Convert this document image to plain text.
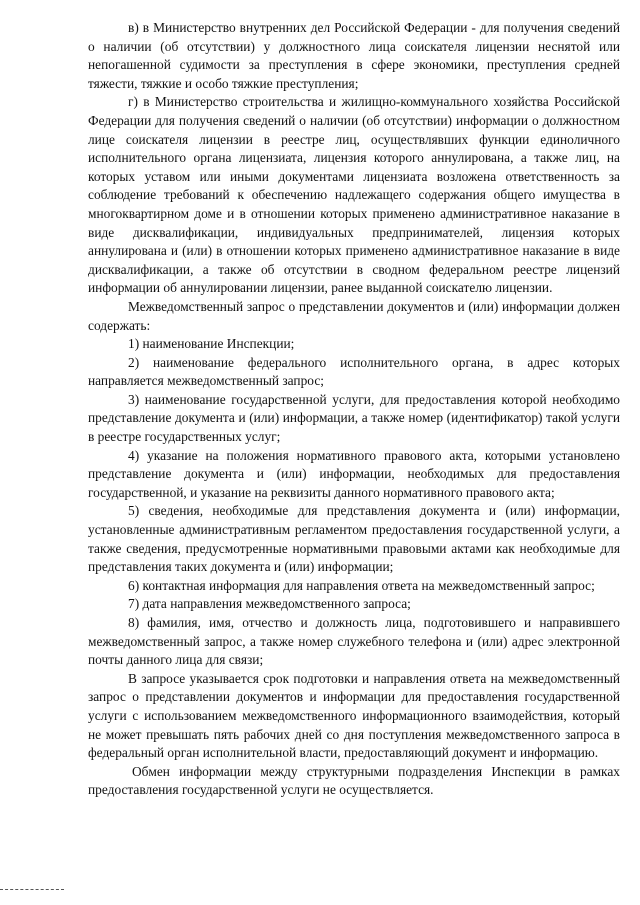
в) в Министерство внутренних дел Российской Федерации - для получения сведений о наличии (об отсутствии) у должностного лица соискателя лицензии неснятой или непогашенной судимости за преступления в сфере экономики, преступления средней тяжести, тяжкие и особо тяжкие преступления;

г) в Министерство строительства и жилищно-коммунального хозяйства Российской Федерации для получения сведений о наличии (об отсутствии) информации о должностном лице соискателя лицензии в реестре лиц, осуществлявших функции единоличного исполнительного органа лицензиата, лицензия которого аннулирована, а также лиц, на которых уставом или иными документами лицензиата возложена ответственность за соблюдение требований к обеспечению надлежащего содержания общего имущества в многоквартирном доме и в отношении которых применено административное наказание в виде дисквалификации, индивидуальных предпринимателей, лицензия которых аннулирована и (или) в отношении которых применено административное наказание в виде дисквалификации, а также об отсутствии в сводном федеральном реестре лицензий информации об аннулировании лицензии, ранее выданной соискателю лицензии.

Межведомственный запрос о представлении документов и (или) информации должен содержать:

1) наименование Инспекции;

2) наименование федерального исполнительного органа, в адрес которых направляется межведомственный запрос;

3) наименование государственной услуги, для предоставления которой необходимо представление документа и (или) информации, а также номер (идентификатор) такой услуги в реестре государственных услуг;

4) указание на положения нормативного правового акта, которыми установлено представление документа и (или) информации, необходимых для предоставления государственной, и указание на реквизиты данного нормативного правового акта;

5) сведения, необходимые для представления документа и (или) информации, установленные административным регламентом предоставления государственной услуги, а также сведения, предусмотренные нормативными правовыми актами как необходимые для представления таких документа и (или) информации;

6) контактная информация для направления ответа на межведомственный запрос;

7) дата направления межведомственного запроса;

8) фамилия, имя, отчество и должность лица, подготовившего и направившего межведомственный запрос, а также номер служебного телефона и (или) адрес электронной почты данного лица для связи;

В запросе указывается срок подготовки и направления ответа на межведомственный запрос о представлении документов и информации для предоставления государственной услуги с использованием межведомственного информационного взаимодействия, который не может превышать пять рабочих дней со дня поступления межведомственного запроса в федеральный орган исполнительной власти, предоставляющий документ и информацию.

Обмен информации между структурными подразделения Инспекции в рамках предоставления государственной услуги не осуществляется.
